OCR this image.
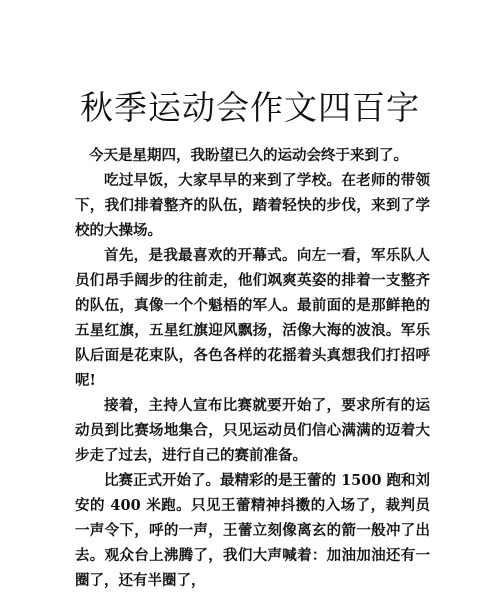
秋季运动会作文四百字

今天是星期四，我盼望已久的运动会终于来到了。

吃过早饭，大家早早的来到了学校。在老师的带领下，我们排着整齐的队伍，踏着轻快的步伐，来到了学校的大操场。

首先，是我最喜欢的开幕式。向左一看，军乐队人员们昂手阔步的往前走，他们飒爽英姿的排着一支整齐的队伍，真像一个个魁梧的军人。最前面的是那鲜艳的五星红旗，五星红旗迎风飘扬，活像大海的波浪。军乐队后面是花束队，各色各样的花摇着头真想我们打招呼呢!

接着，主持人宣布比赛就要开始了，要求所有的运动员到比赛场地集合，只见运动员们信心满满的迈着大步走了过去，进行自己的赛前准备。

比赛正式开始了。最精彩的是王蕾的 1500 跑和刘安的 400 米跑。只见王蕾精神抖擞的入场了，裁判员一声令下，呼的一声，王蕾立刻像离玄的箭一般冲了出去。观众台上沸腾了，我们大声喊着：加油加油还有一圈了，还有半圈了，
